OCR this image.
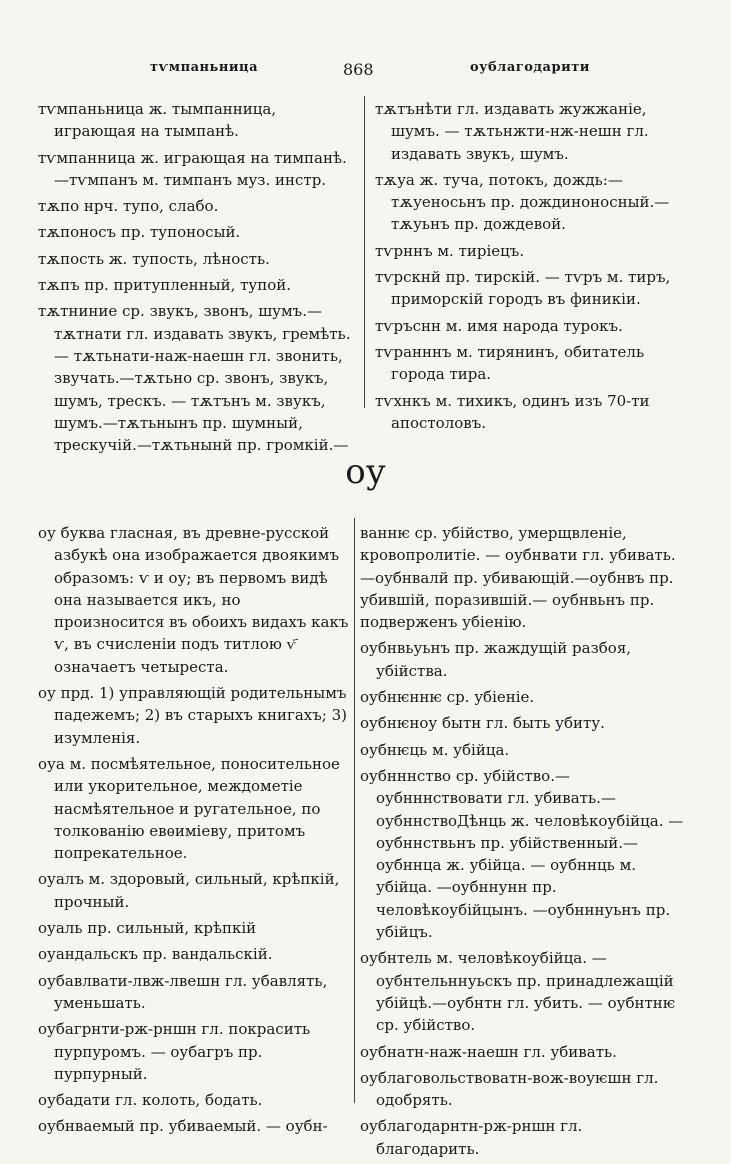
тѵмпаньница	868	оублагодарити

тѵмпаньница ж. тымпанница, играющая на тымпанѣ.

тѵмпанница ж. играющая на тимпанѣ. —тѵмпанъ м. тимпанъ муз. инстр.

тѫпо нрч. тупо, слабо.

тѫпоносъ пр. тупоносый.

тѫпость ж. тупость, лѣность.

тѫпъ пр. притупленный, тупой.

тѫтниние ср. звукъ, звонъ, шумъ.— тѫтнати гл. издавать звукъ, гремѣть. — тѫтьнати-наж-наешн гл. звонить, звучать.—тѫтьно ср. звонъ, звукъ, шумъ, трескъ. — тѫтънъ м. звукъ, шумъ.—тѫтьнынъ пр. шумный, трескучій.—тѫтьнынй пр. громкій.—

тѫтънѣти гл. издавать жужжаніе, шумъ. — тѫтьнжти-нж-нешн гл. издавать звукъ, шумъ.

тѫуа ж. туча, потокъ, дождь:—тѫуеносьнъ пр. дождиноносный.—тѫуьнъ пр. дождевой.

тѵрннъ м. тиріецъ.

тѵрскнй пр. тирскій. — тѵръ м. тиръ, приморскій городъ въ финикіи.

тѵръснн м. имя народа турокъ.

тѵранннъ м. тирянинъ, обитатель города тира.

тѵхнкъ м. тихикъ, одинъ изъ 70-ти апостоловъ.

оу

оу буква гласная, въ древне-русской азбукѣ она изображается двоякимъ образомъ: ѵ и оу; въ первомъ видѣ она называется икъ, но произносится въ обоихъ видахъ какъ ѵ, въ счисленіи подъ титлою ѵ҃ означаетъ четыреста.

оу прд. 1) управляющій родительнымъ падежемъ; 2) въ старыхъ книгахъ; 3) изумленія.

оуа м. посмѣятельное, поносительное или укорительное, междометіе насмѣятельное и ругательное, по толкованію евѳиміеву, притомъ попрекательное.

оуалъ м. здоровый, сильный, крѣпкій, прочный.

оуаль пр. сильный, крѣпкій

оуандальскъ пр. вандальскій.

оубавлвати-лвж-лвешн гл. убавлять, уменьшать.

оубагрнти-рж-рншн гл. покрасить пурпуромъ. — оубагръ пр. пурпурный.

оубадати гл. колоть, бодать.

оубнваемый пр. убиваемый. — оубн-

ваннѥ ср. убійство, умерщвленіе, кровопролитіе. — оубнвати гл. убивать.—оубнвалй пр. убивающій.—оубнвъ пр. убившій, поразившій.— оубнвьнъ пр. подверженъ убіенію.

оубнвьуьнъ пр. жаждущій разбоя, убійства.

оубнѥннѥ ср. убіеніе.

оубнѥноу бытн гл. быть убиту.

оубнѥць м. убійца.

оубнннство ср. убійство.—оубнннствовати гл. убивать.—оубннствоДѣнць ж. человѣкоубійца. — оубннствьнъ пр. убійственный.—оубннца ж. убійца. — оубннць м. убійца. —оубннунн пр. человѣкоубійцынъ. —оубнннуьнъ пр. убійцъ.

оубнтель м. человѣкоубійца. — оубнтельннуьскъ пр. принадлежащій убійцѣ.—оубнтн гл. убить. — оубнтнѥ ср. убійство.

оубнатн-наж-наешн гл. убивать.

оублаговольствоватн-вож-воуѥшн гл. одобрять.

оублагодарнтн-рж-рншн гл. благодарить.
